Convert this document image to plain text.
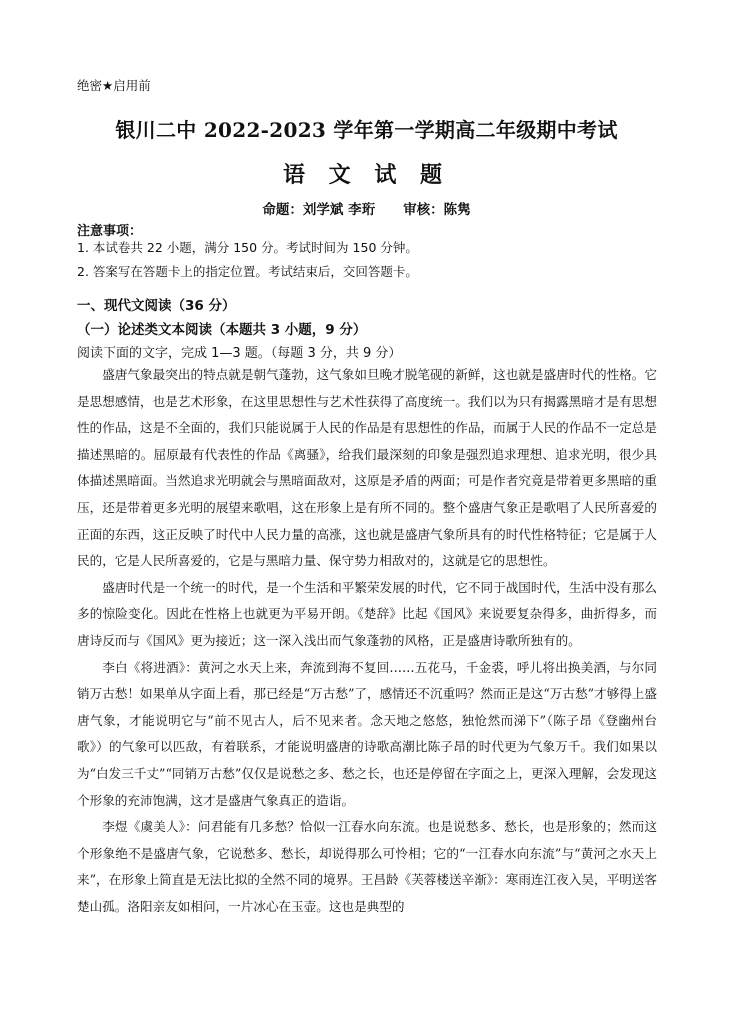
绝密★启用前
银川二中 2022-2023 学年第一学期高二年级期中考试
语 文 试 题
命题：刘学斌 李珩 审核：陈隽
注意事项：
1. 本试卷共 22 小题，满分 150 分。考试时间为 150 分钟。
2. 答案写在答题卡上的指定位置。考试结束后，交回答题卡。
一、现代文阅读（36 分）
（一）论述类文本阅读（本题共 3 小题，9 分）
阅读下面的文字，完成 1—3 题。（每题 3 分，共 9 分）

盛唐气象最突出的特点就是朝气蓬勃，这气象如旦晚才脱笔砚的新鲜，这也就是盛唐时代的性格。它是思想感情，也是艺术形象，在这里思想性与艺术性获得了高度统一。我们以为只有揭露黑暗才是有思想性的作品，这是不全面的，我们只能说属于人民的作品是有思想性的作品，而属于人民的作品不一定总是描述黑暗的。屈原最有代表性的作品《离骚》，给我们最深刻的印象是强烈追求理想、追求光明，很少具体描述黑暗面。当然追求光明就会与黑暗面敌对，这原是矛盾的两面；可是作者究竟是带着更多黑暗的重压，还是带着更多光明的展望来歌唱，这在形象上是有所不同的。整个盛唐气象正是歌唱了人民所喜爱的正面的东西，这正反映了时代中人民力量的高涨，这也就是盛唐气象所具有的时代性格特征；它是属于人民的，它是人民所喜爱的，它是与黑暗力量、保守势力相敌对的，这就是它的思想性。

盛唐时代是一个统一的时代，是一个生活和平繁荣发展的时代，它不同于战国时代，生活中没有那么多的惊险变化。因此在性格上也就更为平易开朗。《楚辞》比起《国风》来说要复杂得多，曲折得多，而唐诗反而与《国风》更为接近；这一深入浅出而气象蓬勃的风格，正是盛唐诗歌所独有的。

李白《将进酒》：黄河之水天上来，奔流到海不复回……五花马，千金裘，呼儿将出换美酒，与尔同销万古愁！如果单从字面上看，那已经是“万古愁”了，感情还不沉重吗？然而正是这“万古愁”才够得上盛唐气象，才能说明它与“前不见古人，后不见来者。念天地之悠悠，独怆然而涕下”（陈子昂《登幽州台歌》）的气象可以匹敌，有着联系，才能说明盛唐的诗歌高潮比陈子昂的时代更为气象万千。我们如果以为“白发三千丈”“同销万古愁”仅仅是说愁之多、愁之长，也还是停留在字面之上，更深入理解，会发现这个形象的充沛饱满，这才是盛唐气象真正的造诣。

李煜《虞美人》：问君能有几多愁？恰似一江春水向东流。也是说愁多、愁长，也是形象的；然而这个形象绝不是盛唐气象，它说愁多、愁长，却说得那么可怜相；它的“一江春水向东流”与“黄河之水天上来”，在形象上简直是无法比拟的全然不同的境界。王昌龄《芙蓉楼送辛渐》：寒雨连江夜入吴，平明送客楚山孤。洛阳亲友如相问，一片冰心在玉壶。这也是典型的
